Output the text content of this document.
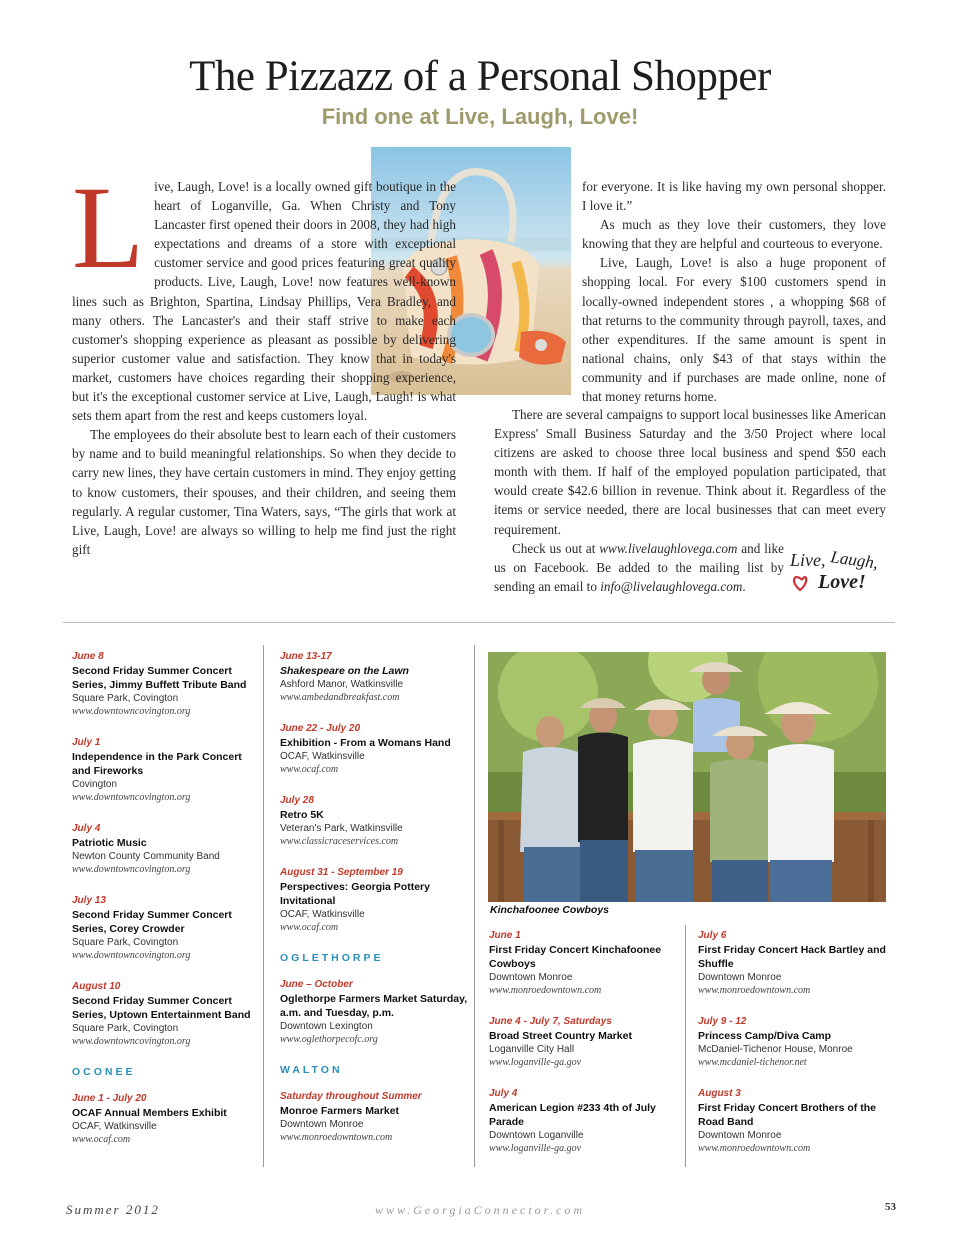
The Pizzazz of a Personal Shopper
Find one at Live, Laugh, Love!

L ive, Laugh, Love! is a locally owned gift boutique in the heart of Loganville, Ga. When Christy and Tony Lancaster first opened their doors in 2008, they had high expectations and dreams of a store with exceptional customer service and good prices featuring great quality products. Live, Laugh, Love! now features well-known lines such as Brighton, Spartina, Lindsay Phillips, Vera Bradley, and many others. The Lancaster's and their staff strive to make each customer's shopping experience as pleasant as possible by delivering superior customer value and satisfaction. They know that in today's market, customers have choices regarding their shopping experience, but it's the exceptional customer service at Live, Laugh, Laugh! is what sets them apart from the rest and keeps customers loyal.

The employees do their absolute best to learn each of their customers by name and to build meaningful relationships. So when they decide to carry new lines, they have certain customers in mind. They enjoy getting to know customers, their spouses, and their children, and seeing them regularly. A regular customer, Tina Waters, says, “The girls that work at Live, Laugh, Love! are always so willing to help me find just the right gift

for everyone. It is like having my own personal shopper. I love it.”

As much as they love their customers, they love knowing that they are helpful and courteous to everyone.

Live, Laugh, Love! is also a huge proponent of shopping local. For every $100 customers spend in locally-owned independent stores , a whopping $68 of that returns to the community through payroll, taxes, and other expenditures. If the same amount is spent in national chains, only $43 of that stays within the community and if purchases are made online, none of that money returns home.

There are several campaigns to support local businesses like American Express' Small Business Saturday and the 3/50 Project where local citizens are asked to choose three local business and spend $50 each month with them. If half of the employed population participated, that would create $42.6 billion in revenue. Think about it. Regardless of the items or service needed, there are local businesses that can meet every requirement.

Check us out at www.livelaughlovega.com and like us on Facebook. Be added to the mailing list by sending an email to info@livelaughlovega.com.

Live, Laugh,
Love!
June 8
Second Friday Summer Concert Series, Jimmy Buffett Tribute Band
Square Park, Covington
www.downtowncovington.org
July 1
Independence in the Park Concert and Fireworks
Covington
www.downtowncovington.org
July 4
Patriotic Music
Newton County Community Band
www.downtowncovington.org
July 13
Second Friday Summer Concert Series, Corey Crowder
Square Park, Covington
www.downtowncovington.org
August 10
Second Friday Summer Concert Series, Uptown Entertainment Band
Square Park, Covington
www.downtowncovington.org
OCONEE
June 1 - July 20
OCAF Annual Members Exhibit
OCAF, Watkinsville
www.ocaf.com
June 13-17
Shakespeare on the Lawn
Ashford Manor, Watkinsville
www.ambedandbreakfast.com
June 22 - July 20
Exhibition - From a Womans Hand
OCAF, Watkinsville
www.ocaf.com
July 28
Retro 5K
Veteran's Park, Watkinsville
www.classicraceservices.com
August 31 - September 19
Perspectives: Georgia Pottery Invitational
OCAF, Watkinsville
www.ocaf.com
OGLETHORPE
June – October
Oglethorpe Farmers Market Saturday, a.m. and Tuesday, p.m.
Downtown Lexington
www.oglethorpecofc.org
WALTON
Saturday throughout Summer
Monroe Farmers Market
Downtown Monroe
www.monroedowntown.com
Kinchafoonee Cowboys
June 1
First Friday Concert Kinchafoonee Cowboys
Downtown Monroe
www.monroedowntown.com
June 4 - July 7, Saturdays
Broad Street Country Market
Loganville City Hall
www.loganville-ga.gov
July 4
American Legion #233 4th of July Parade
Downtown Loganville
www.loganville-ga.gov
July 6
First Friday Concert Hack Bartley and Shuffle
Downtown Monroe
www.monroedowntown.com
July 9 - 12
Princess Camp/Diva Camp
McDaniel-Tichenor House, Monroe
www.mcdaniel-tichenor.net
August 3
First Friday Concert Brothers of the Road Band
Downtown Monroe
www.monroedowntown.com
Summer 2012	www.GeorgiaConnector.com	53
